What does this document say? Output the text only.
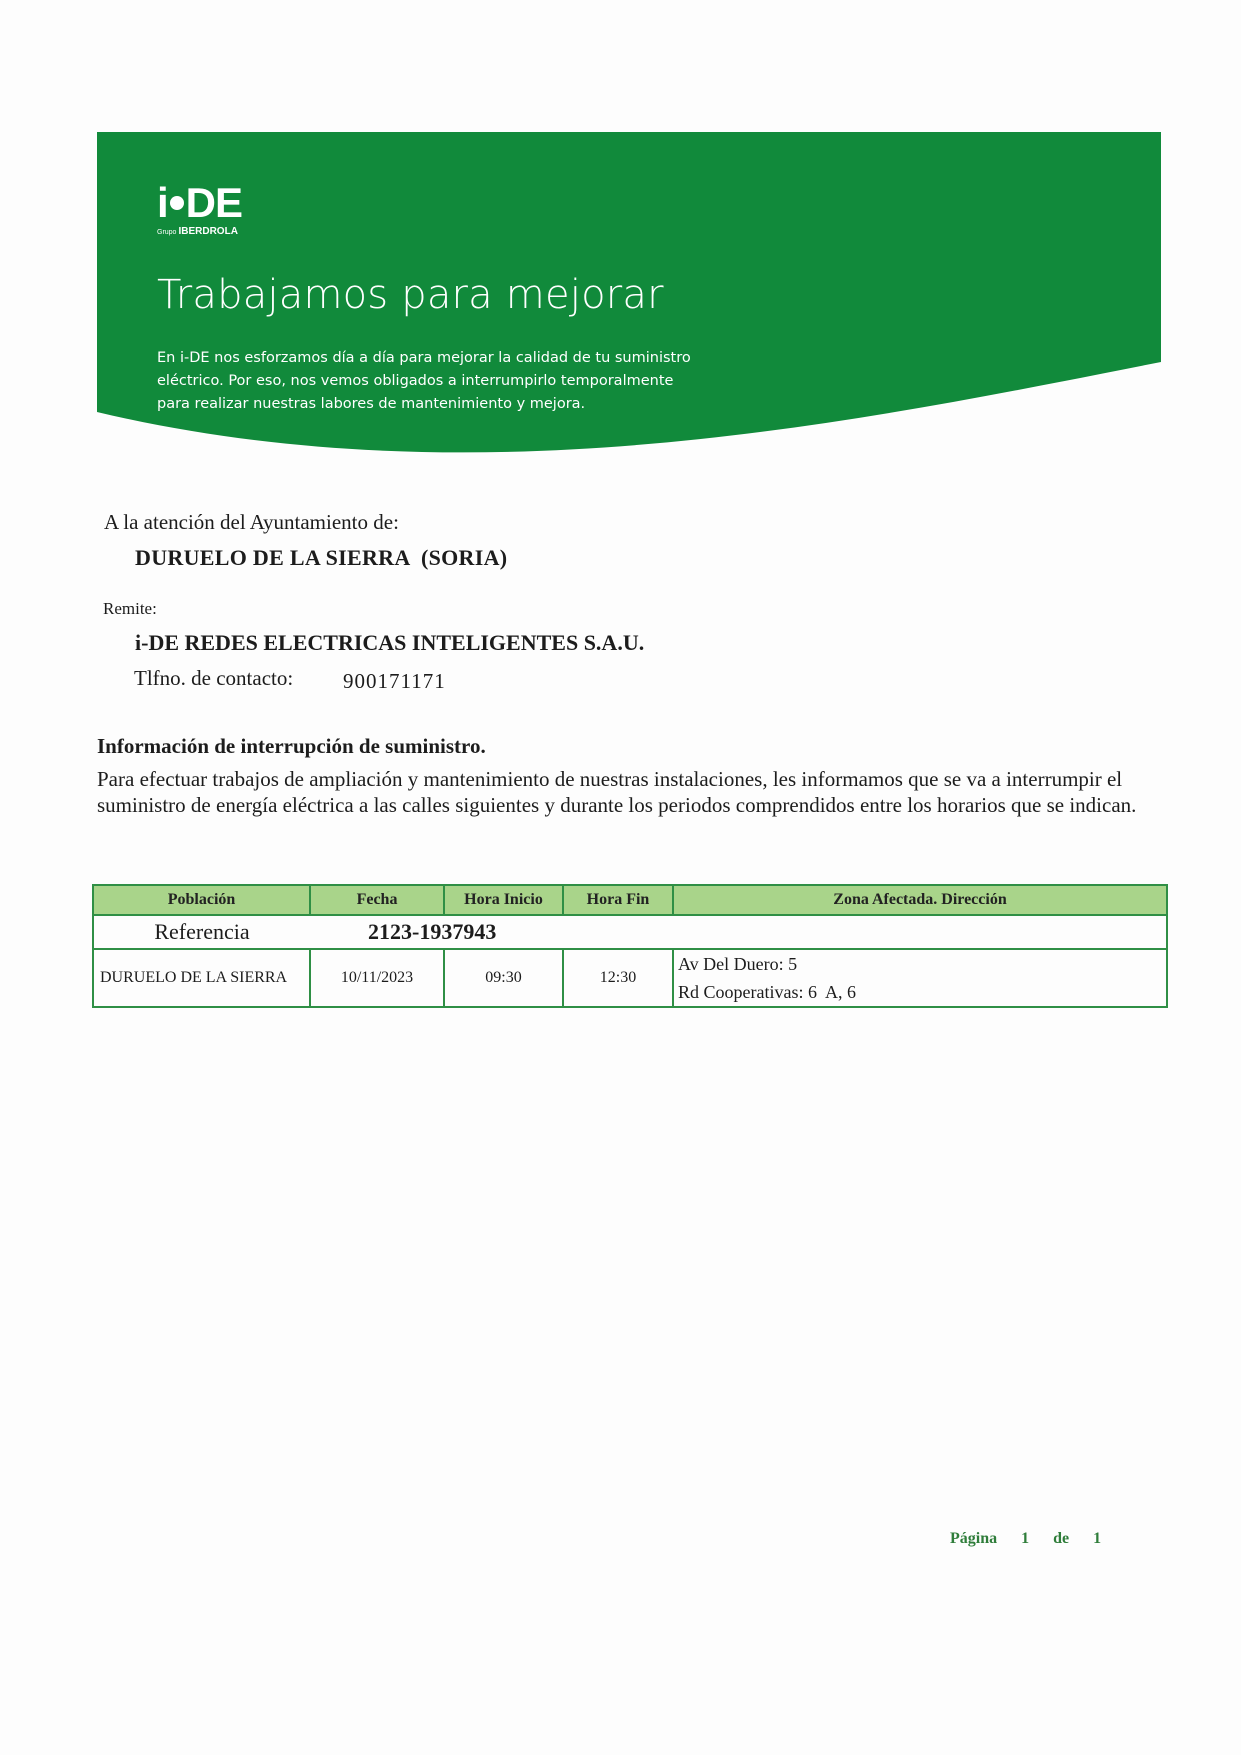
i DE
Grupo IBERDROLA
Trabajamos para mejorar
En i-DE nos esforzamos día a día para mejorar la calidad de tu suministro
eléctrico. Por eso, nos vemos obligados a interrumpirlo temporalmente
para realizar nuestras labores de mantenimiento y mejora.
A la atención del Ayuntamiento de:
DURUELO DE LA SIERRA  (SORIA)
Remite:
i-DE REDES ELECTRICAS INTELIGENTES S.A.U.
Tlfno. de contacto: 900171171
Información de interrupción de suministro.
Para efectuar trabajos de ampliación y mantenimiento de nuestras instalaciones, les informamos que se va a interrumpir el suministro de energía eléctrica a las calles siguientes y durante los periodos comprendidos entre los horarios que se indican.
Población	Fecha	Hora Inicio	Hora Fin	Zona Afectada. Dirección
Referencia	2123-1937943			
DURUELO DE LA SIERRA	10/11/2023	09:30	12:30	Av Del Duero: 5
Rd Cooperativas: 6  A, 6
Página 1 de 1
